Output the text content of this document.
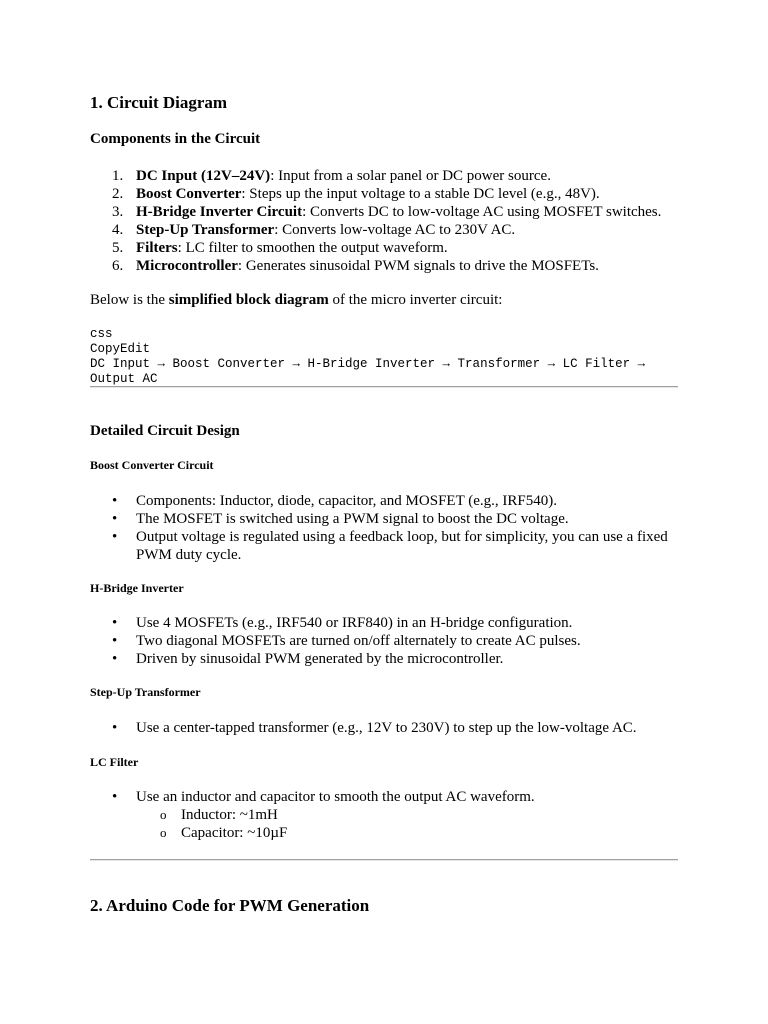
1. Circuit Diagram
Components in the Circuit
1. DC Input (12V–24V): Input from a solar panel or DC power source.
2. Boost Converter: Steps up the input voltage to a stable DC level (e.g., 48V).
3. H-Bridge Inverter Circuit: Converts DC to low-voltage AC using MOSFET switches.
4. Step-Up Transformer: Converts low-voltage AC to 230V AC.
5. Filters: LC filter to smoothen the output waveform.
6. Microcontroller: Generates sinusoidal PWM signals to drive the MOSFETs.

Below is the simplified block diagram of the micro inverter circuit:

css
CopyEdit
DC Input → Boost Converter → H-Bridge Inverter → Transformer → LC Filter →
Output AC
Detailed Circuit Design
Boost Converter Circuit
• Components: Inductor, diode, capacitor, and MOSFET (e.g., IRF540).
• The MOSFET is switched using a PWM signal to boost the DC voltage.
• Output voltage is regulated using a feedback loop, but for simplicity, you can use a fixed
PWM duty cycle.
H-Bridge Inverter
• Use 4 MOSFETs (e.g., IRF540 or IRF840) in an H-bridge configuration.
• Two diagonal MOSFETs are turned on/off alternately to create AC pulses.
• Driven by sinusoidal PWM generated by the microcontroller.
Step-Up Transformer
• Use a center-tapped transformer (e.g., 12V to 230V) to step up the low-voltage AC.
LC Filter
• Use an inductor and capacitor to smooth the output AC waveform.
o Inductor: ~1mH
o Capacitor: ~10µF
2. Arduino Code for PWM Generation
